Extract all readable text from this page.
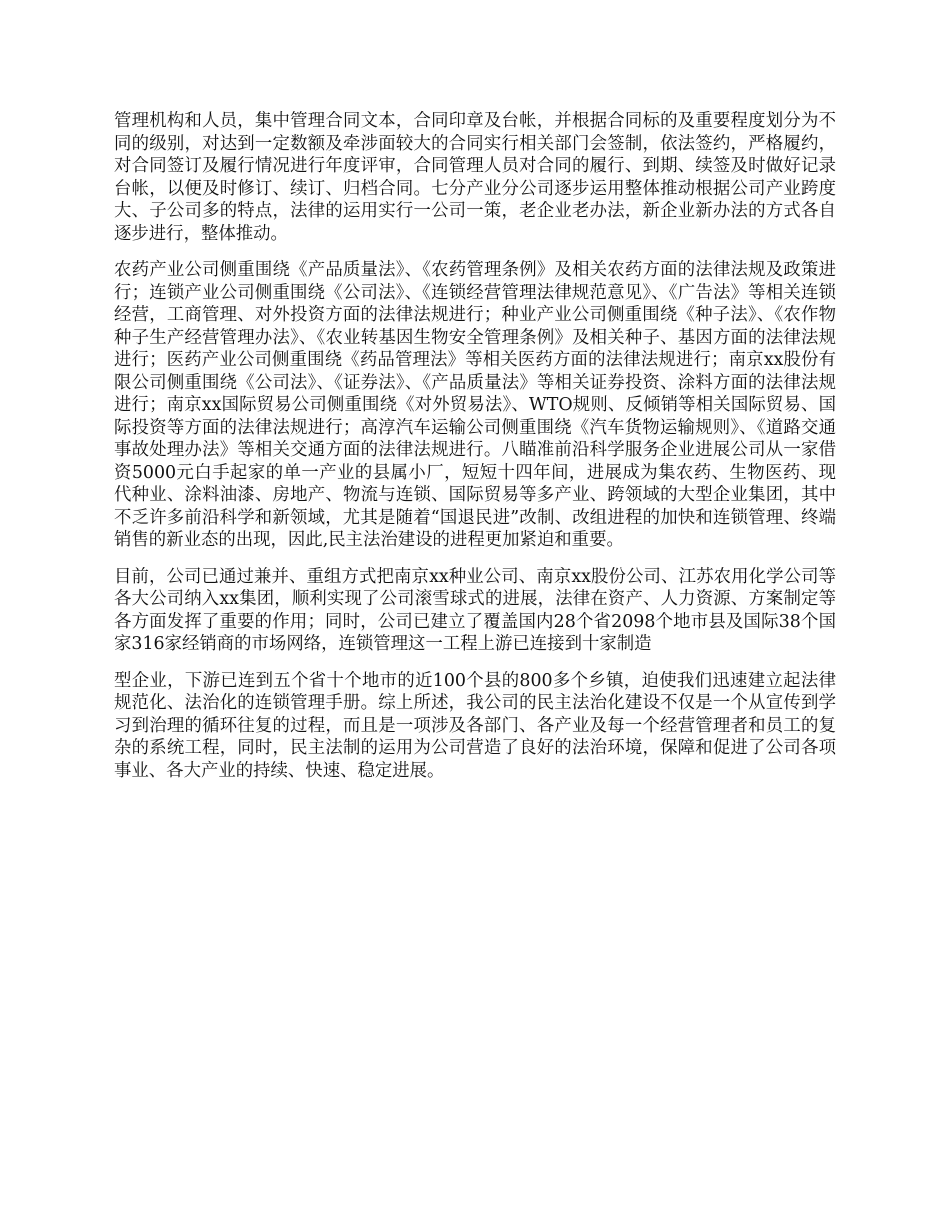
管理机构和人员，集中管理合同文本，合同印章及台帐，并根据合同标的及重要程度划分为不同的级别，对达到一定数额及牵涉面较大的合同实行相关部门会签制，依法签约，严格履约，对合同签订及履行情况进行年度评审，合同管理人员对合同的履行、到期、续签及时做好记录台帐，以便及时修订、续订、归档合同。七分产业分公司逐步运用整体推动根据公司产业跨度大、子公司多的特点，法律的运用实行一公司一策，老企业老办法，新企业新办法的方式各自逐步进行，整体推动。

农药产业公司侧重围绕《产品质量法》、《农药管理条例》及相关农药方面的法律法规及政策进行；连锁产业公司侧重围绕《公司法》、《连锁经营管理法律规范意见》、《广告法》等相关连锁经营，工商管理、对外投资方面的法律法规进行；种业产业公司侧重围绕《种子法》、《农作物种子生产经营管理办法》、《农业转基因生物安全管理条例》及相关种子、基因方面的法律法规进行；医药产业公司侧重围绕《药品管理法》等相关医药方面的法律法规进行；南京xx股份有限公司侧重围绕《公司法》、《证券法》、《产品质量法》等相关证券投资、涂料方面的法律法规进行；南京xx国际贸易公司侧重围绕《对外贸易法》、WTO规则、反倾销等相关国际贸易、国际投资等方面的法律法规进行；高淳汽车运输公司侧重围绕《汽车货物运输规则》、《道路交通事故处理办法》等相关交通方面的法律法规进行。八瞄准前沿科学服务企业进展公司从一家借资5000元白手起家的单一产业的县属小厂，短短十四年间，进展成为集农药、生物医药、现代种业、涂料油漆、房地产、物流与连锁、国际贸易等多产业、跨领域的大型企业集团，其中不乏许多前沿科学和新领域，尤其是随着“国退民进”改制、改组进程的加快和连锁管理、终端销售的新业态的出现，因此,民主法治建设的进程更加紧迫和重要。

目前，公司已通过兼并、重组方式把南京xx种业公司、南京xx股份公司、江苏农用化学公司等各大公司纳入xx集团，顺利实现了公司滚雪球式的进展，法律在资产、人力资源、方案制定等各方面发挥了重要的作用；同时，公司已建立了覆盖国内28个省2098个地市县及国际38个国家316家经销商的市场网络，连锁管理这一工程上游已连接到十家制造

型企业，下游已连到五个省十个地市的近100个县的800多个乡镇，迫使我们迅速建立起法律规范化、法治化的连锁管理手册。综上所述，我公司的民主法治化建设不仅是一个从宣传到学习到治理的循环往复的过程，而且是一项涉及各部门、各产业及每一个经营管理者和员工的复杂的系统工程，同时，民主法制的运用为公司营造了良好的法治环境，保障和促进了公司各项事业、各大产业的持续、快速、稳定进展。
